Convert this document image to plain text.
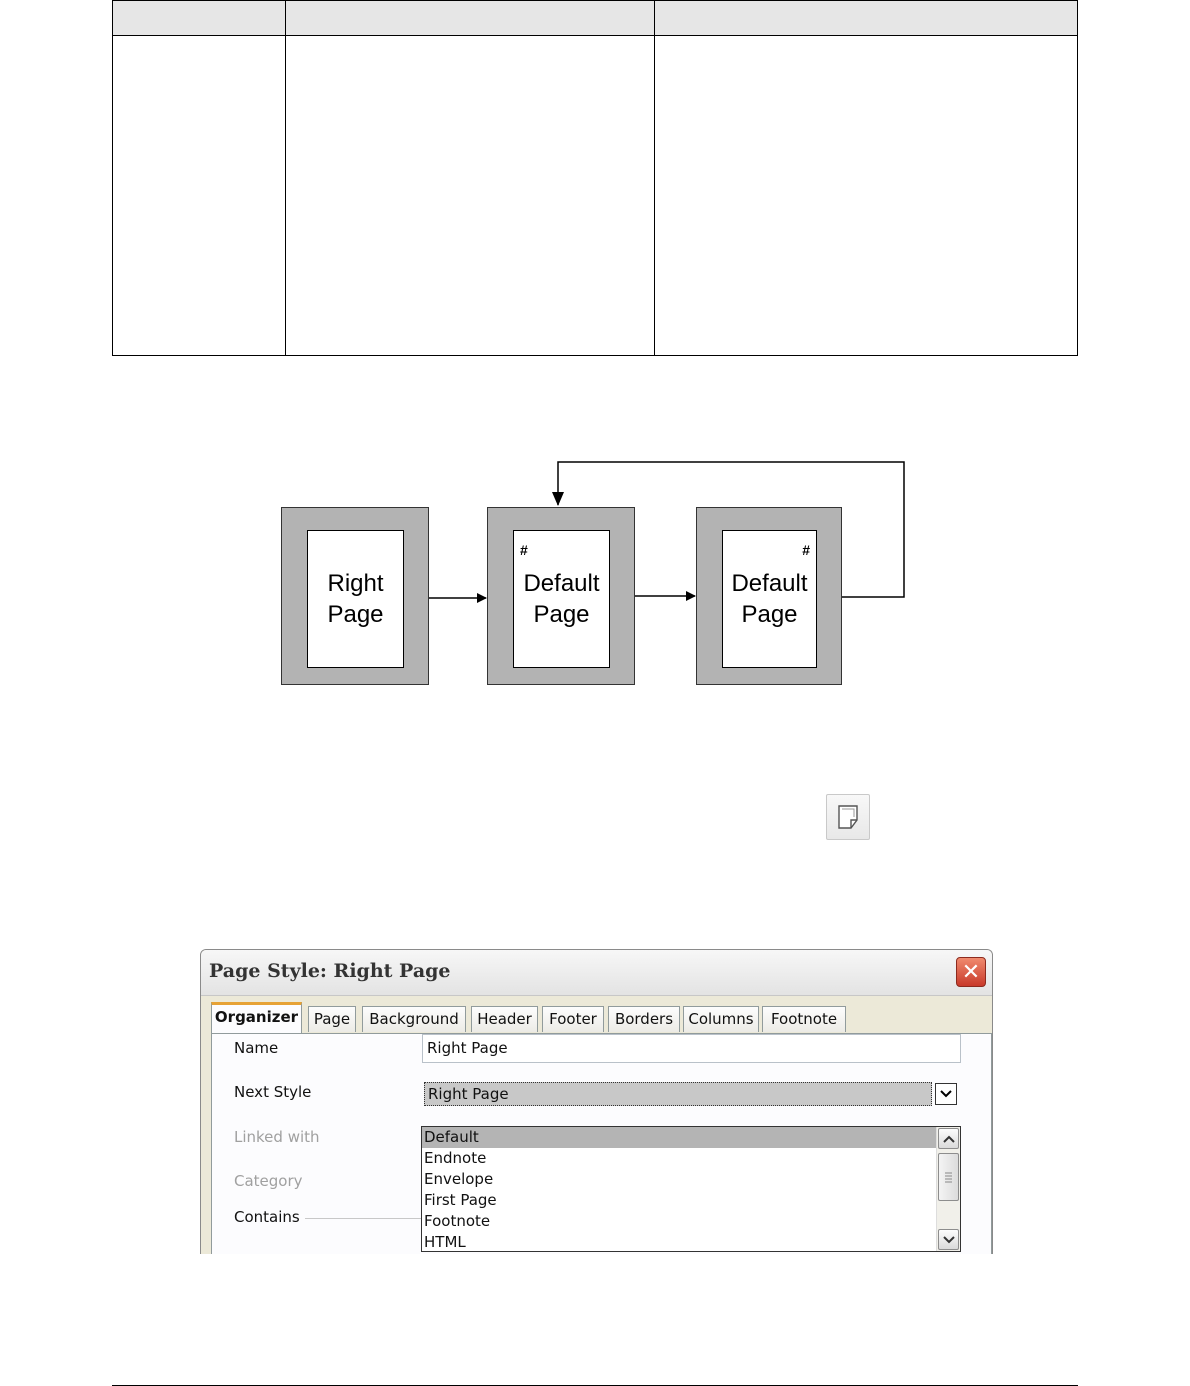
Right
Page
#
Default
Page
#
Default
Page
Page Style: Right Page	✕
Organizer	Page	Background	Header	Footer	Borders	Columns	Footnote
Name	Right Page
Next Style	Right Page
Linked with
Category
Contains
Default
Endnote
Envelope
First Page
Footnote
HTML
